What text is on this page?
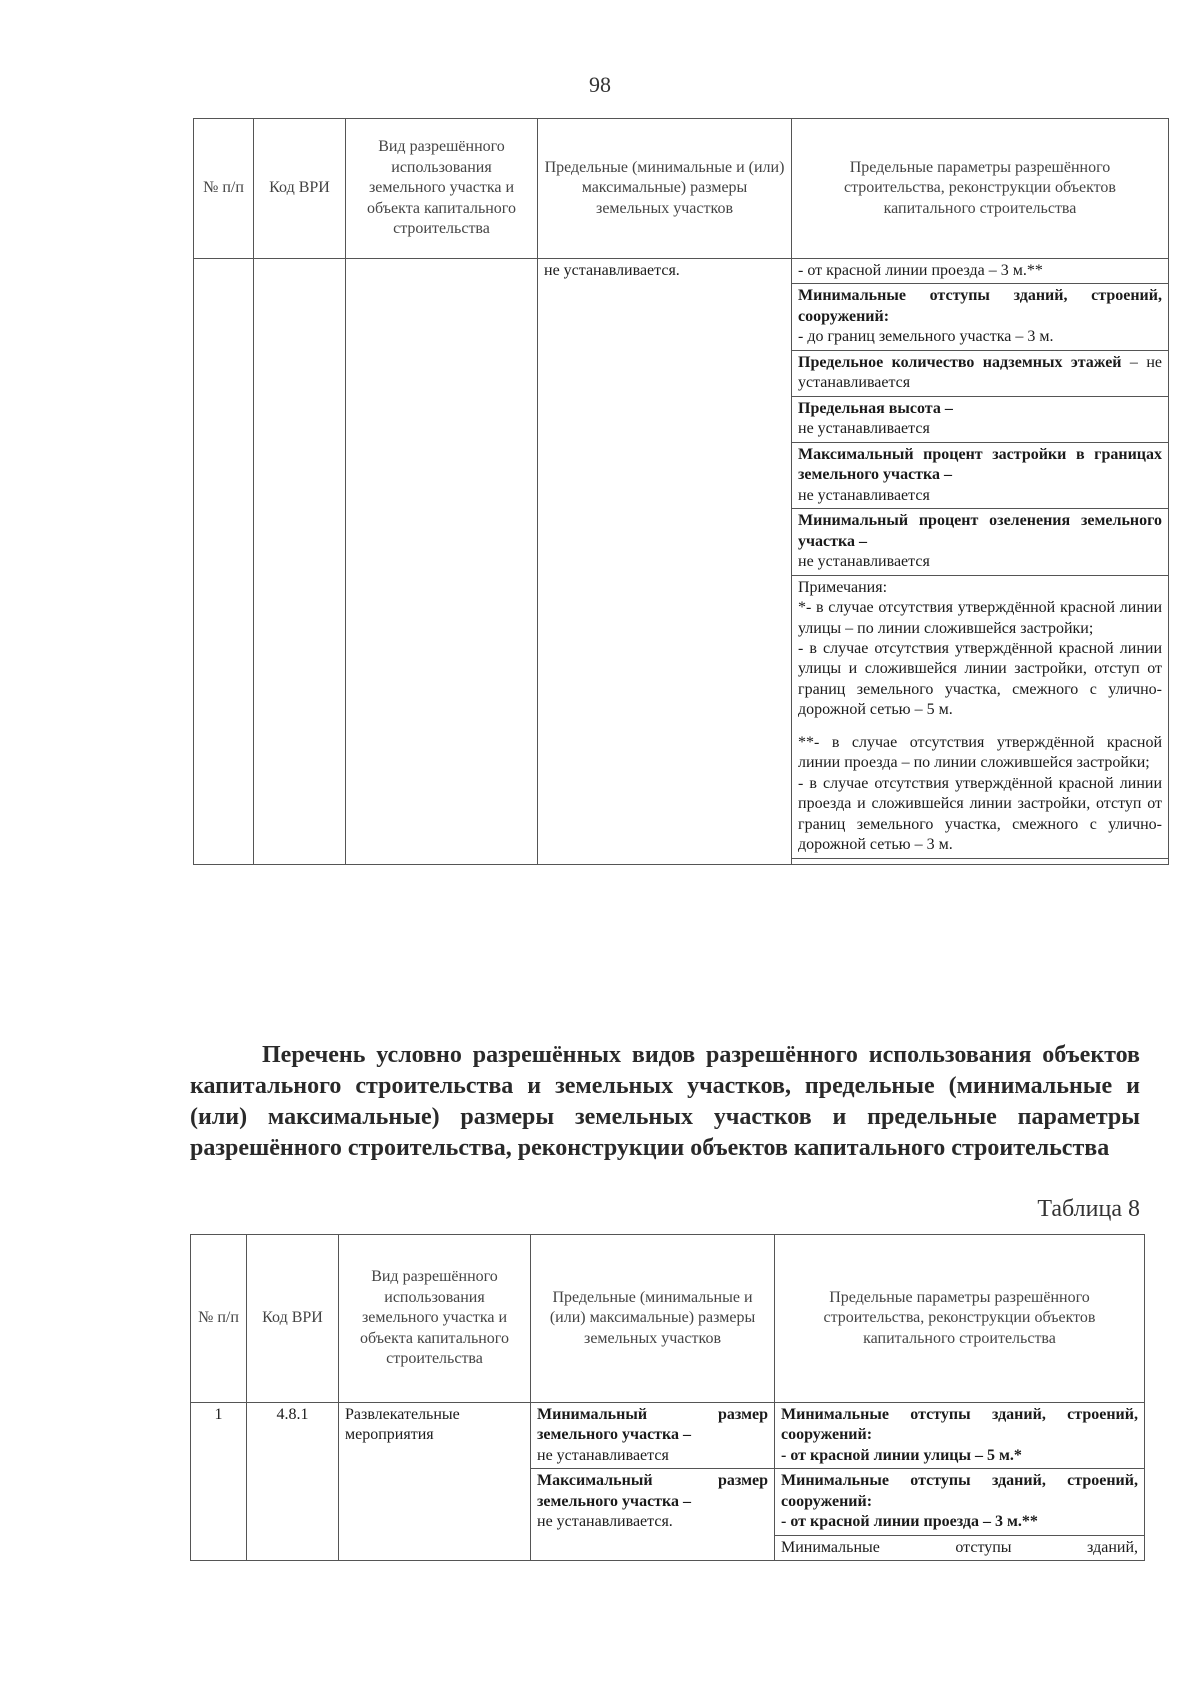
98
№ п/п	Код ВРИ	Вид разрешённого использования земельного участка и объекта капитального строительства	Предельные (минимальные и (или) максимальные) размеры земельных участков	Предельные параметры разрешённого строительства, реконструкции объектов капитального строительства
			не устанавливается.	- от красной линии проезда – 3 м.**
				Минимальные отступы зданий, строений, сооружений:
- до границ земельного участка – 3 м.
				Предельное количество надземных этажей – не устанавливается
				Предельная высота –
не устанавливается
				Максимальный процент застройки в границах земельного участка –
не устанавливается
				Минимальный процент озеленения земельного участка –
не устанавливается

				Примечания:
*- в случае отсутствия утверждённой красной линии улицы – по линии сложившейся застройки;
- в случае отсутствия утверждённой красной линии улицы и сложившейся линии застройки, отступ от границ земельного участка, смежного с улично-дорожной сетью – 5 м.
**- в случае отсутствия утверждённой красной линии проезда – по линии сложившейся застройки;
- в случае отсутствия утверждённой красной линии проезда и сложившейся линии застройки, отступ от границ земельного участка, смежного с улично-дорожной сетью – 3 м.

Перечень условно разрешённых видов разрешённого использования объектов капитального строительства и земельных участков, предельные (минимальные и (или) максимальные) размеры земельных участков и предельные параметры разрешённого строительства, реконструкции объектов капитального строительства
Таблица 8
№ п/п	Код ВРИ	Вид разрешённого использования земельного участка и объекта капитального строительства	Предельные (минимальные и (или) максимальные) размеры земельных участков	Предельные параметры разрешённого строительства, реконструкции объектов капитального строительства
1	4.8.1	Развлекательные мероприятия	Минимальный размер земельного участка –
не устанавливается	Минимальные отступы зданий, строений, сооружений:
- от красной линии улицы – 5 м.*
			Максимальный размер земельного участка –
не устанавливается.	Минимальные отступы зданий, строений, сооружений:
- от красной линии проезда – 3 м.**
				Минимальные отступы зданий,
